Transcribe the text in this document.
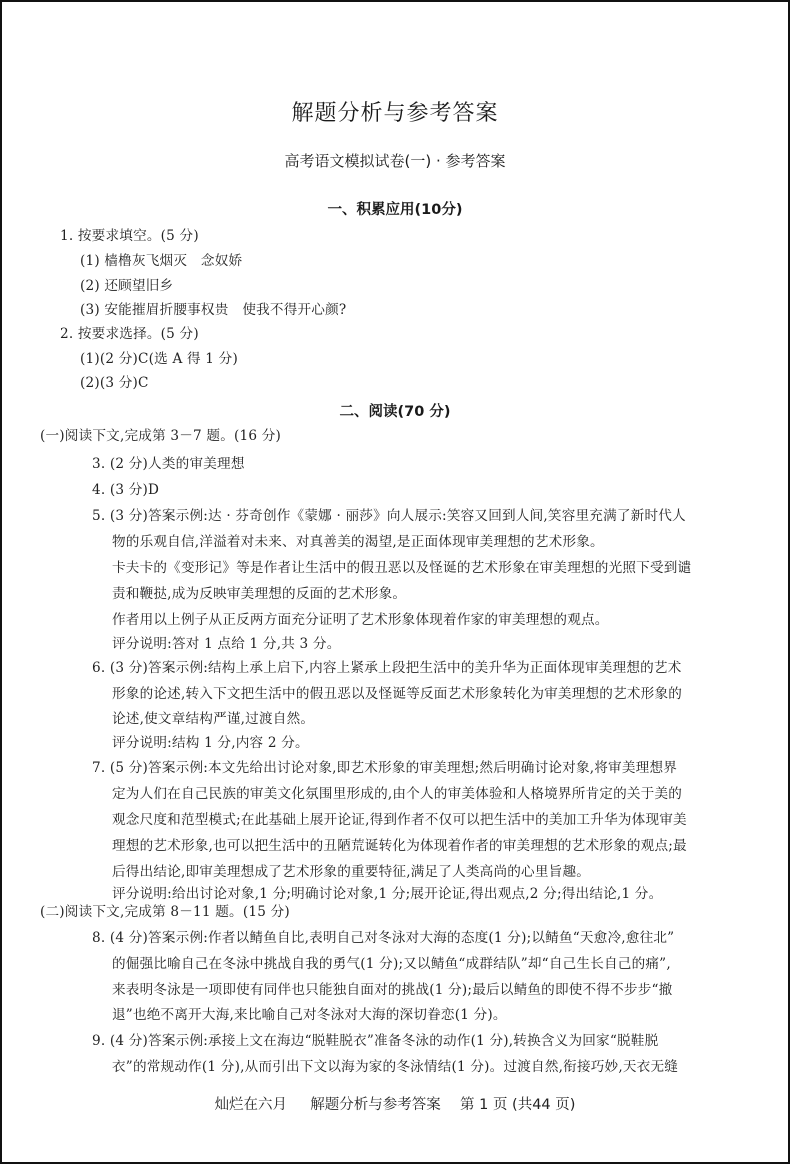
解题分析与参考答案
高考语文模拟试卷(一) · 参考答案
一、积累应用(10分)
1. 按要求填空。(5 分)
(1) 樯橹灰飞烟灭　念奴娇
(2) 还顾望旧乡
(3) 安能摧眉折腰事权贵　使我不得开心颜?
2. 按要求选择。(5 分)
(1)(2 分)C(选 A 得 1 分)
(2)(3 分)C
二、阅读(70 分)
(一)阅读下文,完成第 3－7 题。(16 分)
3. (2 分)人类的审美理想
4. (3 分)D
5. (3 分)答案示例:达 · 芬奇创作《蒙娜 · 丽莎》向人展示:笑容又回到人间,笑容里充满了新时代人
物的乐观自信,洋溢着对未来、对真善美的渴望,是正面体现审美理想的艺术形象。
卡夫卡的《变形记》等是作者让生活中的假丑恶以及怪诞的艺术形象在审美理想的光照下受到谴
责和鞭挞,成为反映审美理想的反面的艺术形象。
作者用以上例子从正反两方面充分证明了艺术形象体现着作家的审美理想的观点。
评分说明:答对 1 点给 1 分,共 3 分。
6. (3 分)答案示例:结构上承上启下,内容上紧承上段把生活中的美升华为正面体现审美理想的艺术
形象的论述,转入下文把生活中的假丑恶以及怪诞等反面艺术形象转化为审美理想的艺术形象的
论述,使文章结构严谨,过渡自然。
评分说明:结构 1 分,内容 2 分。
7. (5 分)答案示例:本文先给出讨论对象,即艺术形象的审美理想;然后明确讨论对象,将审美理想界
定为人们在自己民族的审美文化氛围里形成的,由个人的审美体验和人格境界所肯定的关于美的
观念尺度和范型模式;在此基础上展开论证,得到作者不仅可以把生活中的美加工升华为体现审美
理想的艺术形象,也可以把生活中的丑陋荒诞转化为体现着作者的审美理想的艺术形象的观点;最
后得出结论,即审美理想成了艺术形象的重要特征,满足了人类高尚的心里旨趣。
评分说明:给出讨论对象,1 分;明确讨论对象,1 分;展开论证,得出观点,2 分;得出结论,1 分。
(二)阅读下文,完成第 8－11 题。(15 分)
8. (4 分)答案示例:作者以鲭鱼自比,表明自己对冬泳对大海的态度(1 分);以鲭鱼“天愈冷,愈往北”
的倔强比喻自己在冬泳中挑战自我的勇气(1 分);又以鲭鱼“成群结队”却“自己生长自己的痛”,
来表明冬泳是一项即使有同伴也只能独自面对的挑战(1 分);最后以鲭鱼的即使不得不步步“撤
退”也绝不离开大海,来比喻自己对冬泳对大海的深切眷恋(1 分)。
9. (4 分)答案示例:承接上文在海边“脱鞋脱衣”准备冬泳的动作(1 分),转换含义为回家“脱鞋脱
衣”的常规动作(1 分),从而引出下文以海为家的冬泳情结(1 分)。过渡自然,衔接巧妙,天衣无缝
灿烂在六月 解题分析与参考答案 第 1 页 (共44 页)
